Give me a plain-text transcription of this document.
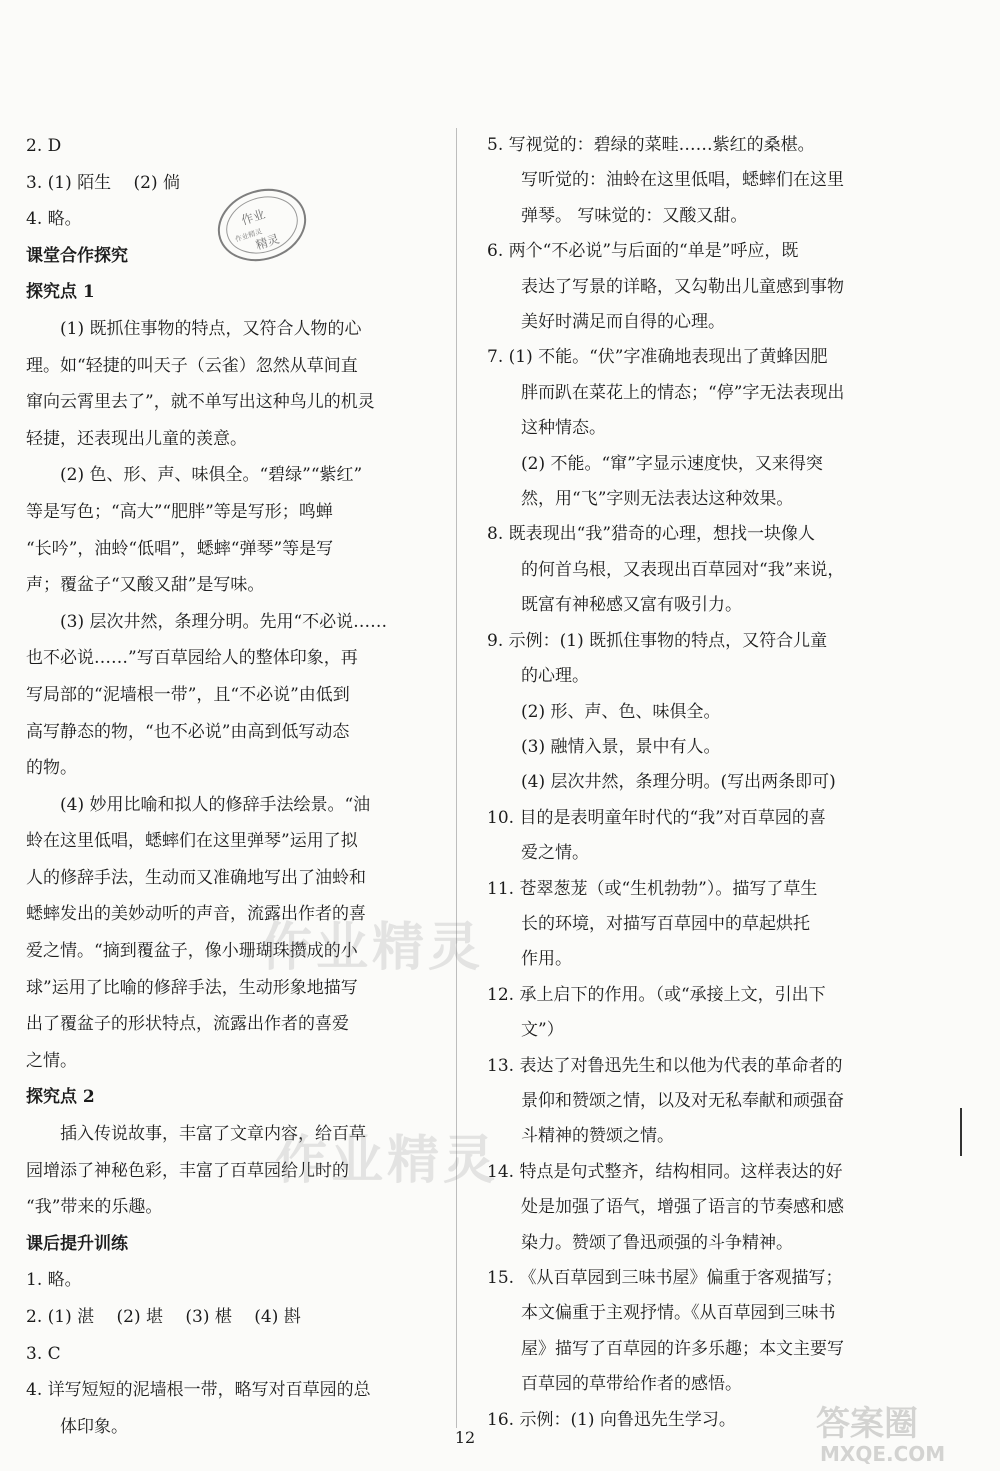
2. D

3. (1) 陌生　 (2) 倘

4. 略。

课堂合作探究

探究点 1

(1) 既抓住事物的特点，又符合人物的心

理。如“轻捷的叫天子（云雀）忽然从草间直

窜向云霄里去了”，就不单写出这种鸟儿的机灵

轻捷，还表现出儿童的羡意。

(2) 色、形、声、味俱全。“碧绿”“紫红”

等是写色；“高大”“肥胖”等是写形；鸣蝉

“长吟”，油蛉“低唱”，蟋蟀“弹琴”等是写

声；覆盆子“又酸又甜”是写味。

(3) 层次井然，条理分明。先用“不必说……

也不必说……”写百草园给人的整体印象，再

写局部的“泥墙根一带”，且“不必说”由低到

高写静态的物，“也不必说”由高到低写动态

的物。

(4) 妙用比喻和拟人的修辞手法绘景。“油

蛉在这里低唱，蟋蟀们在这里弹琴”运用了拟

人的修辞手法，生动而又准确地写出了油蛉和

蟋蟀发出的美妙动听的声音，流露出作者的喜

爱之情。“摘到覆盆子，像小珊瑚珠攒成的小

球”运用了比喻的修辞手法，生动形象地描写

出了覆盆子的形状特点，流露出作者的喜爱

之情。

探究点 2

插入传说故事，丰富了文章内容，给百草

园增添了神秘色彩，丰富了百草园给儿时的

“我”带来的乐趣。

课后提升训练

1. 略。

2. (1) 湛　 (2) 堪　 (3) 椹　 (4) 斟

3. C

4. 详写短短的泥墙根一带，略写对百草园的总

体印象。

5. 写视觉的：碧绿的菜畦……紫红的桑椹。

写听觉的：油蛉在这里低唱，蟋蟀们在这里

弹琴。 写味觉的：又酸又甜。

6. 两个“不必说”与后面的“单是”呼应，既

表达了写景的详略，又勾勒出儿童感到事物

美好时满足而自得的心理。

7. (1) 不能。“伏”字准确地表现出了黄蜂因肥

胖而趴在菜花上的情态；“停”字无法表现出

这种情态。

(2) 不能。“窜”字显示速度快，又来得突

然，用“飞”字则无法表达这种效果。

8. 既表现出“我”猎奇的心理，想找一块像人

的何首乌根，又表现出百草园对“我”来说，

既富有神秘感又富有吸引力。

9. 示例：(1) 既抓住事物的特点，又符合儿童

的心理。

(2) 形、声、色、味俱全。

(3) 融情入景，景中有人。

(4) 层次井然，条理分明。(写出两条即可)

10. 目的是表明童年时代的“我”对百草园的喜

爱之情。

11. 苍翠葱茏（或“生机勃勃”）。描写了草生

长的环境，对描写百草园中的草起烘托

作用。

12. 承上启下的作用。（或“承接上文，引出下

文”）

13. 表达了对鲁迅先生和以他为代表的革命者的

景仰和赞颂之情，以及对无私奉献和顽强奋

斗精神的赞颂之情。

14. 特点是句式整齐，结构相同。这样表达的好

处是加强了语气，增强了语言的节奏感和感

染力。赞颂了鲁迅顽强的斗争精神。

15. 《从百草园到三味书屋》偏重于客观描写；

本文偏重于主观抒情。《从百草园到三味书

屋》描写了百草园的许多乐趣；本文主要写

百草园的草带给作者的感悟。

16. 示例：(1) 向鲁迅先生学习。

作业
作业精灵
精灵
作业精灵
作业精灵
答案圈
MXQE.COM
12
